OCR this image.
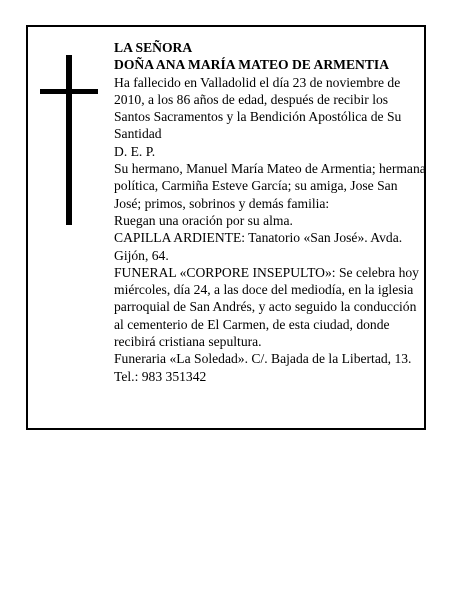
LA SEÑORA

DOÑA ANA MARÍA MATEO DE ARMENTIA

Ha fallecido en Valladolid el día 23 de noviembre de 2010, a los 86 años de edad, después de recibir los Santos Sacramentos y la Bendición Apostólica de Su Santidad

D. E. P.

Su hermano, Manuel María Mateo de Armentia; hermana política, Carmiña Esteve García; su amiga, Jose San José; primos, sobrinos y demás familia:

Ruegan una oración por su alma.

CAPILLA ARDIENTE: Tanatorio «San José». Avda. Gijón, 64.

FUNERAL «CORPORE INSEPULTO»: Se celebra hoy miércoles, día 24, a las doce del mediodía, en la iglesia parroquial de San Andrés, y acto seguido la conducción al cementerio de El Carmen, de esta ciudad, donde recibirá cristiana sepultura.

Funeraria «La Soledad». C/. Bajada de la Libertad, 13.

Tel.: 983 351342
